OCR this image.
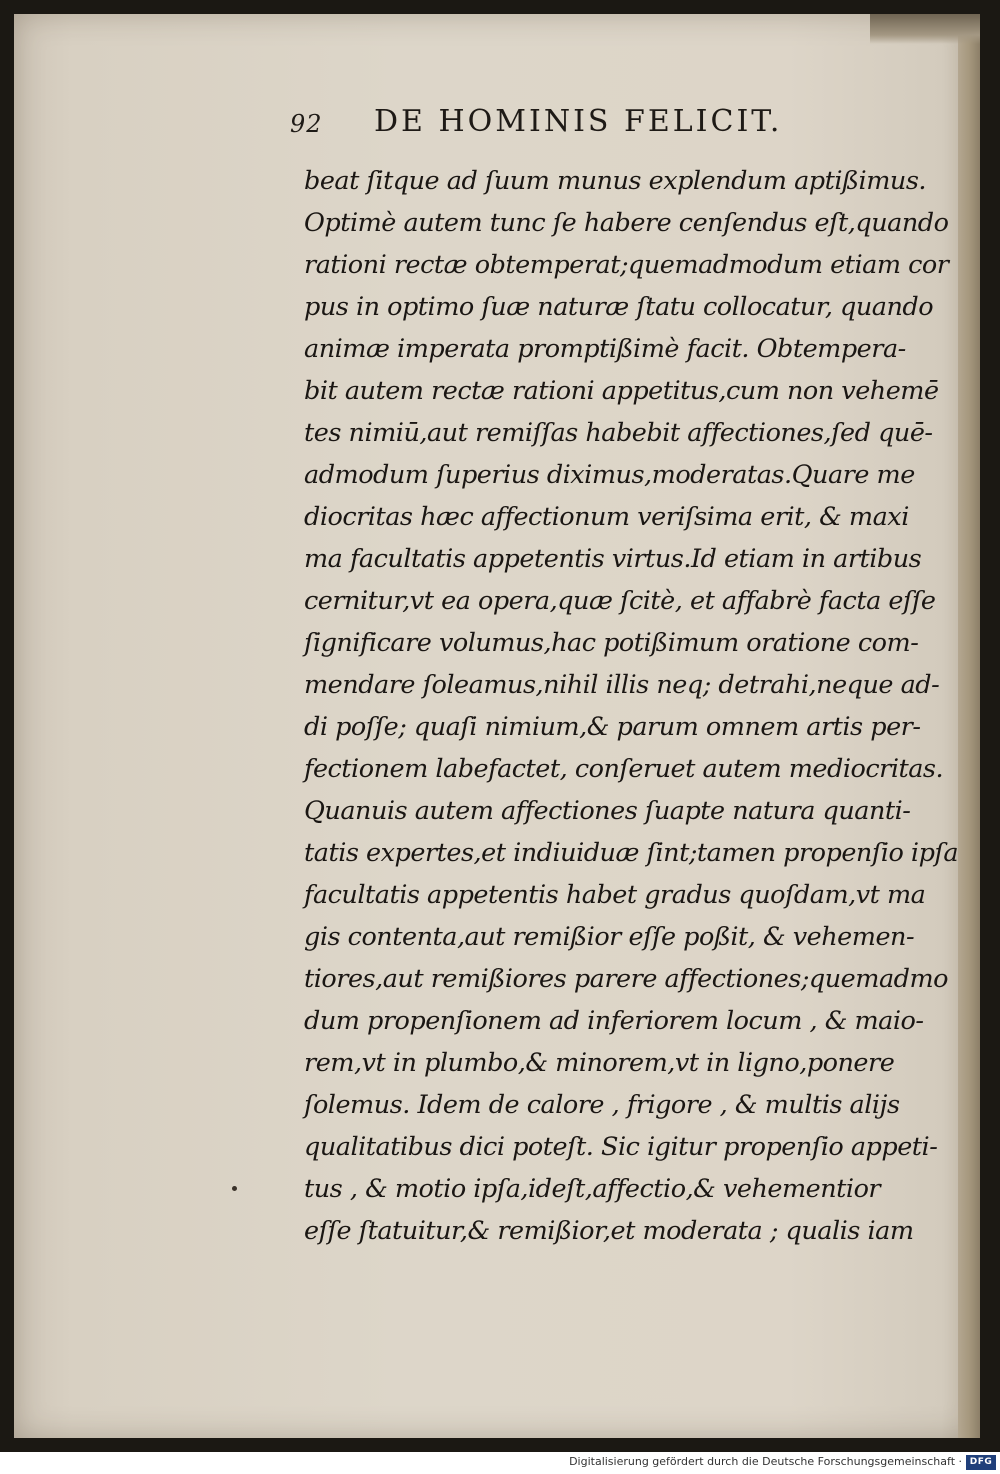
92 DE HOMINIS FELICIT.
beat ſitque ad ſuum munus explendum aptißimus.
Optimè autem tunc ſe habere cenſendus eſt,quando
rationi rectæ obtemperat;quemadmodum etiam cor
pus in optimo ſuæ naturæ ſtatu collocatur, quando
animæ imperata promptißimè facit. Obtempera-
bit autem rectæ rationi appetitus,cum non vehemē
tes nimiū,aut remiſſas habebit affectiones,ſed quē-
admodum ſuperius diximus,moderatas.Quare me
diocritas hæc affectionum veriſsima erit, & maxi
ma facultatis appetentis virtus.Id etiam in artibus
cernitur,vt ea opera,quæ ſcitè, et affabrè facta eſſe
ſignificare volumus,hac potißimum oratione com-
mendare ſoleamus,nihil illis neq; detrahi,neque ad-
di poſſe; quaſi nimium,& parum omnem artis per-
fectionem labefactet, conſeruet autem mediocritas.
Quanuis autem affectiones ſuapte natura quanti-
tatis expertes,et indiuiduæ ſint;tamen propenſio ipſa
facultatis appetentis habet gradus quoſdam,vt ma
gis contenta,aut remißior eſſe poßit, & vehemen-
tiores,aut remißiores parere affectiones;quemadmo
dum propenſionem ad inferiorem locum , & maio-
rem,vt in plumbo,& minorem,vt in ligno,ponere
ſolemus. Idem de calore , frigore , & multis alijs
qualitatibus dici poteſt. Sic igitur propenſio appeti-
tus , & motio ipſa,ideſt,affectio,& vehementior
eſſe ſtatuitur,& remißior,et moderata ; qualis iam
Digitalisierung gefördert durch die Deutsche Forschungsgemeinschaft · DFG
